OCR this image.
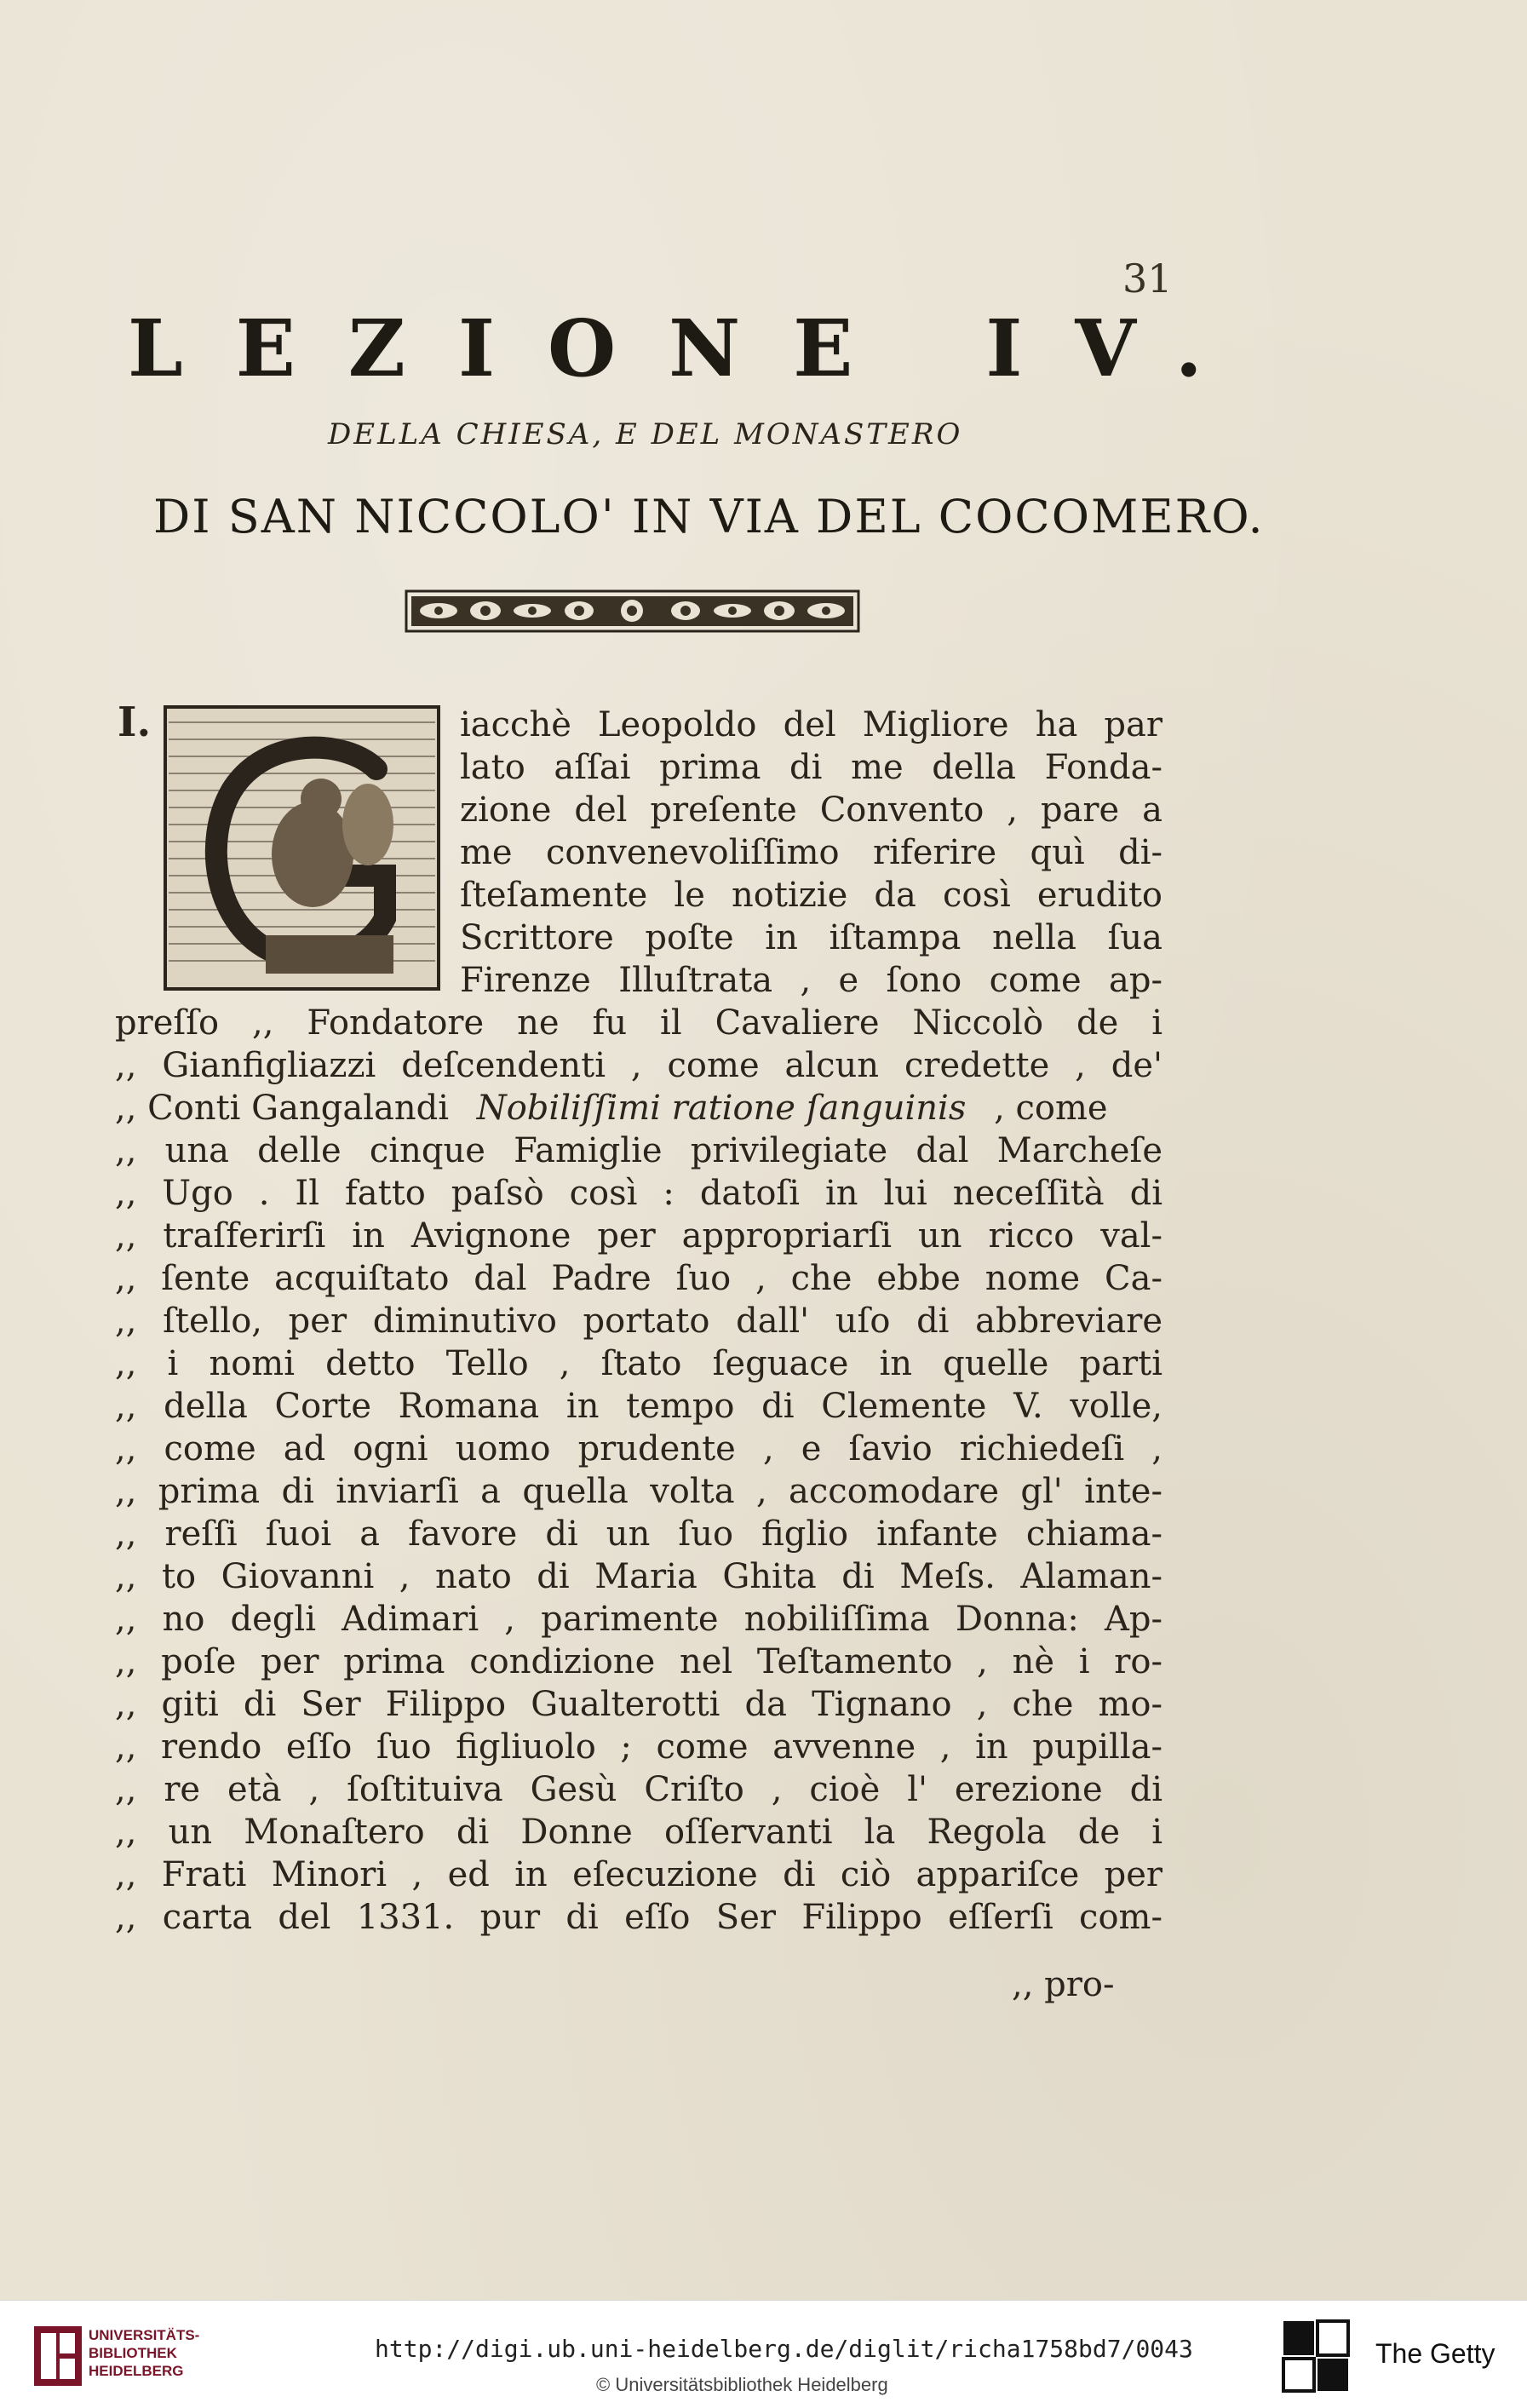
31
LEZIONE IV.
DELLA CHIESA, E DEL MONASTERO
DI SAN NICCOLO' IN VIA DEL COCOMERO.
I.	iacchè Leopoldo del Migliore ha par
lato aſſai prima di me della Fonda-
zione del preſente Convento , pare a
me convenevoliſſimo riferire quì di-
ſteſamente le notizie da così erudito
Scrittore poſte in iſtampa nella ſua
Firenze Illuſtrata , e ſono come ap-
preſſo ,, Fondatore ne fu il Cavaliere Niccolò de i
,, Gianfigliazzi deſcendenti , come alcun credette , de'
,, Conti Gangalandi Nobiliſſimi ratione ſanguinis , come
,, una delle cinque Famiglie privilegiate dal Marcheſe
,, Ugo . Il fatto paſsò così : datoſi in lui neceſſità di
,, traſferirſi in Avignone per appropriarſi un ricco val-
,, ſente acquiſtato dal Padre ſuo , che ebbe nome Ca-
,, ſtello, per diminutivo portato dall' uſo di abbreviare
,, i nomi detto Tello , ſtato ſeguace in quelle parti
,, della Corte Romana in tempo di Clemente V. volle,
,, come ad ogni uomo prudente , e ſavio richiedeſi ,
,, prima di inviarſi a quella volta , accomodare gl' inte-
,, reſſi ſuoi a favore di un ſuo figlio infante chiama-
,, to Giovanni , nato di Maria Ghita di Meſs. Alaman-
,, no degli Adimari , parimente nobiliſſima Donna: Ap-
,, poſe per prima condizione nel Teſtamento , nè i ro-
,, giti di Ser Filippo Gualterotti da Tignano , che mo-
,, rendo eſſo ſuo figliuolo ; come avvenne , in pupilla-
,, re età , ſoſtituiva Gesù Criſto , cioè l' erezione di
,, un Monaſtero di Donne oſſervanti la Regola de i
,, Frati Minori , ed in eſecuzione di ciò appariſce per
,, carta del 1331. pur di eſſo Ser Filippo eſſerſi com-
,, pro-
UNIVERSITÄTS-
BIBLIOTHEK
HEIDELBERG
http://digi.ub.uni-heidelberg.de/diglit/richa1758bd7/0043
© Universitätsbibliothek Heidelberg
The Getty
